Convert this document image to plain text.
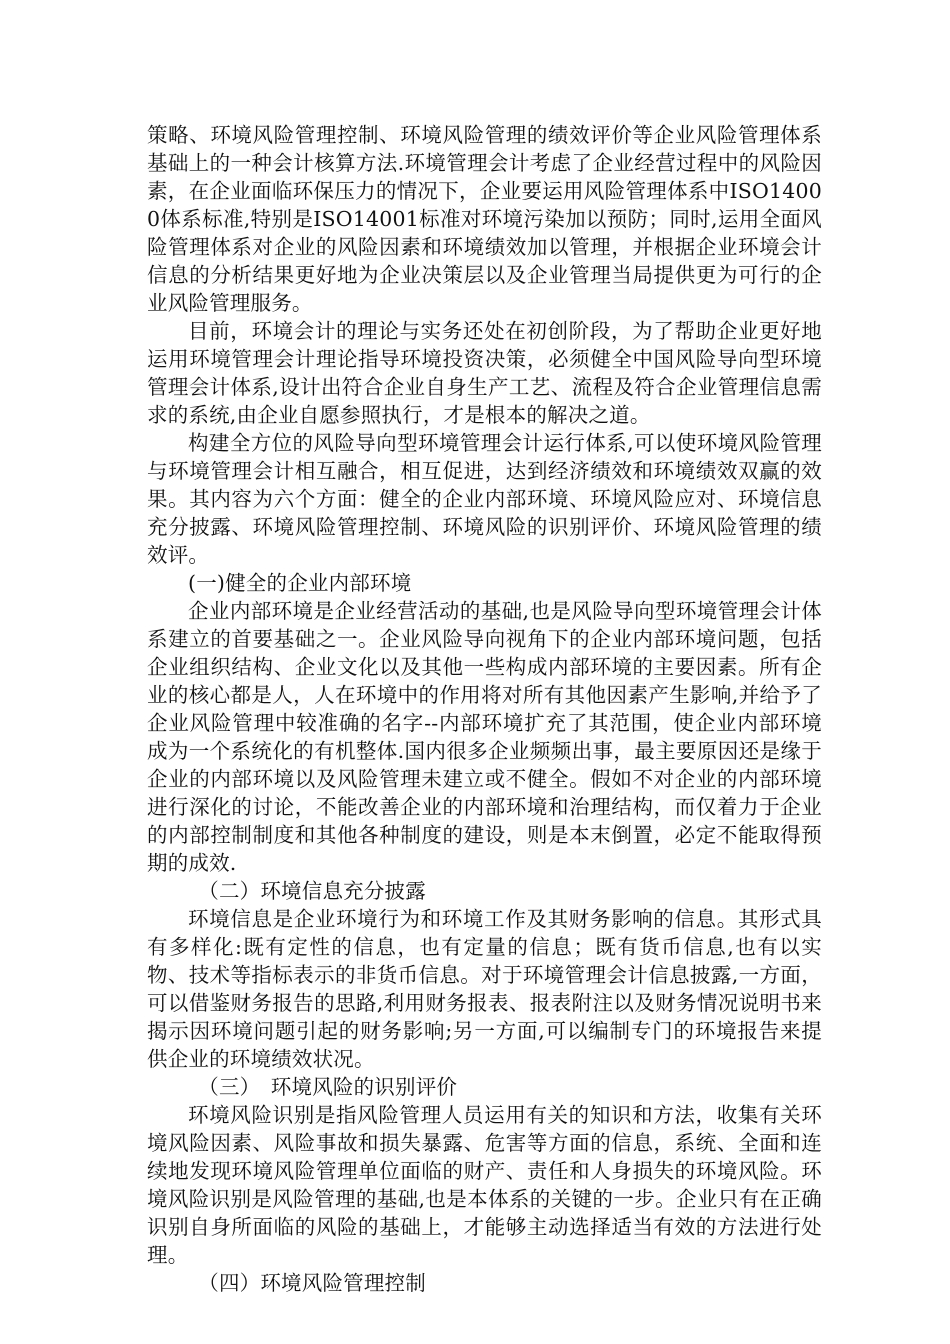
策略、环境风险管理控制、环境风险管理的绩效评价等企业风险管理体系基础上的一种会计核算方法.环境管理会计考虑了企业经营过程中的风险因素，在企业面临环保压力的情况下，企业要运用风险管理体系中ISO14000体系标准,特别是ISO14001标准对环境污染加以预防；同时,运用全面风险管理体系对企业的风险因素和环境绩效加以管理，并根据企业环境会计信息的分析结果更好地为企业决策层以及企业管理当局提供更为可行的企业风险管理服务。

目前，环境会计的理论与实务还处在初创阶段，为了帮助企业更好地运用环境管理会计理论指导环境投资决策，必须健全中国风险导向型环境管理会计体系,设计出符合企业自身生产工艺、流程及符合企业管理信息需求的系统,由企业自愿参照执行，才是根本的解决之道。

构建全方位的风险导向型环境管理会计运行体系,可以使环境风险管理与环境管理会计相互融合，相互促进，达到经济绩效和环境绩效双赢的效果。其内容为六个方面：健全的企业内部环境、环境风险应对、环境信息充分披露、环境风险管理控制、环境风险的识别评价、环境风险管理的绩效评。

(一)健全的企业内部环境

企业内部环境是企业经营活动的基础,也是风险导向型环境管理会计体系建立的首要基础之一。企业风险导向视角下的企业内部环境问题，包括企业组织结构、企业文化以及其他一些构成内部环境的主要因素。所有企业的核心都是人，人在环境中的作用将对所有其他因素产生影响,并给予了企业风险管理中较准确的名字--内部环境扩充了其范围，使企业内部环境成为一个系统化的有机整体.国内很多企业频频出事，最主要原因还是缘于企业的内部环境以及风险管理未建立或不健全。假如不对企业的内部环境进行深化的讨论，不能改善企业的内部环境和治理结构，而仅着力于企业的内部控制制度和其他各种制度的建设，则是本末倒置，必定不能取得预期的成效.

（二）环境信息充分披露

环境信息是企业环境行为和环境工作及其财务影响的信息。其形式具有多样化:既有定性的信息，也有定量的信息；既有货币信息,也有以实物、技术等指标表示的非货币信息。对于环境管理会计信息披露,一方面，可以借鉴财务报告的思路,利用财务报表、报表附注以及财务情况说明书来揭示因环境问题引起的财务影响;另一方面,可以编制专门的环境报告来提供企业的环境绩效状况。

（三）　环境风险的识别评价

环境风险识别是指风险管理人员运用有关的知识和方法，收集有关环境风险因素、风险事故和损失暴露、危害等方面的信息，系统、全面和连续地发现环境风险管理单位面临的财产、责任和人身损失的环境风险。环境风险识别是风险管理的基础,也是本体系的关键的一步。企业只有在正确识别自身所面临的风险的基础上，才能够主动选择适当有效的方法进行处理。

（四）环境风险管理控制
